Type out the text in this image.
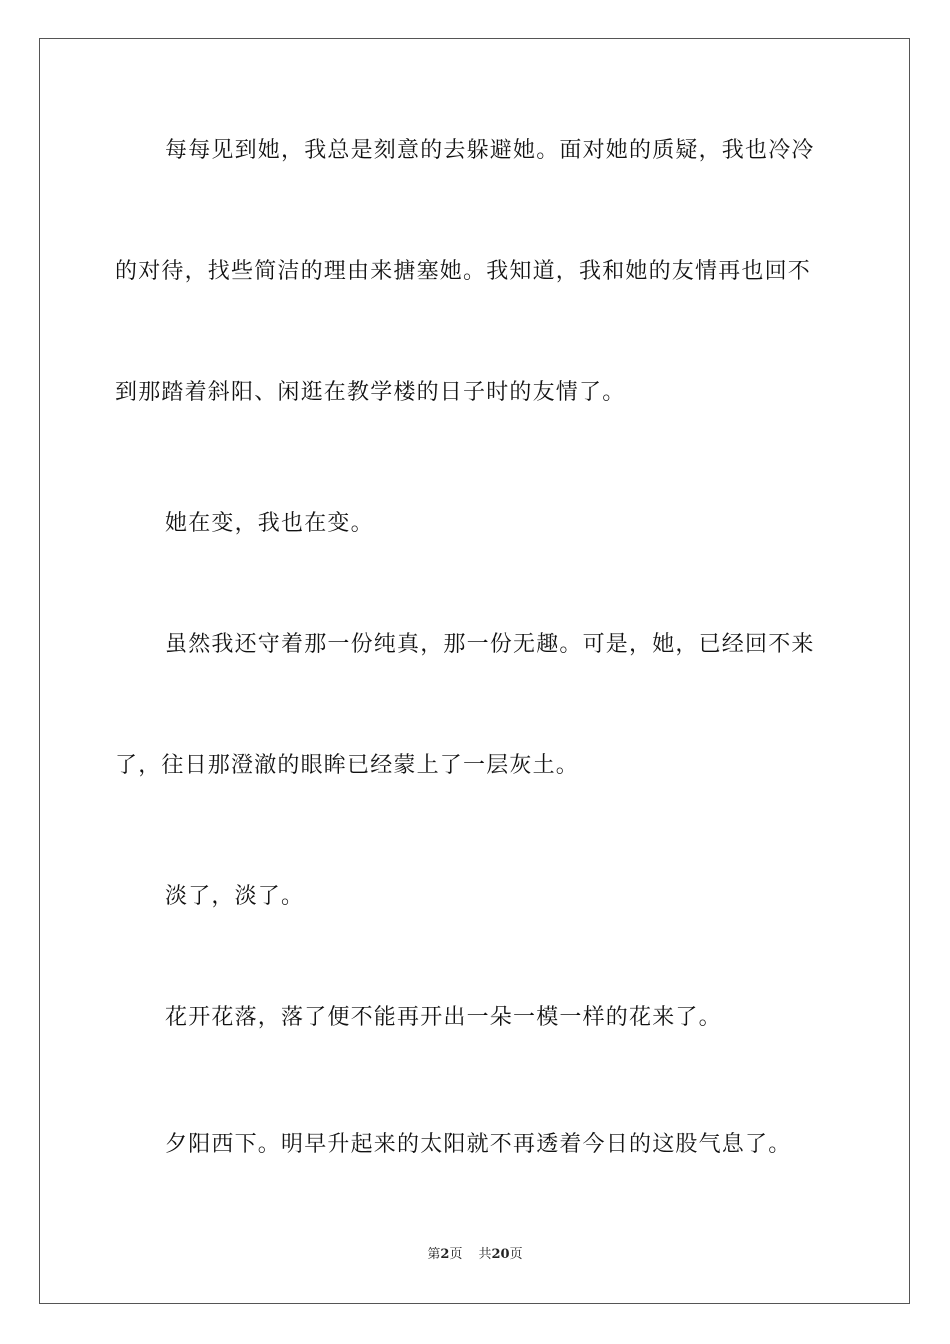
每每见到她，我总是刻意的去躲避她。面对她的质疑，我也冷冷
的对待，找些简洁的理由来搪塞她。我知道，我和她的友情再也回不
到那踏着斜阳、闲逛在教学楼的日子时的友情了。
她在变，我也在变。
虽然我还守着那一份纯真，那一份无趣。可是，她，已经回不来
了，往日那澄澈的眼眸已经蒙上了一层灰土。
淡了，淡了。
花开花落，落了便不能再开出一朵一模一样的花来了。
夕阳西下。明早升起来的太阳就不再透着今日的这股气息了。
第2页 共20页
